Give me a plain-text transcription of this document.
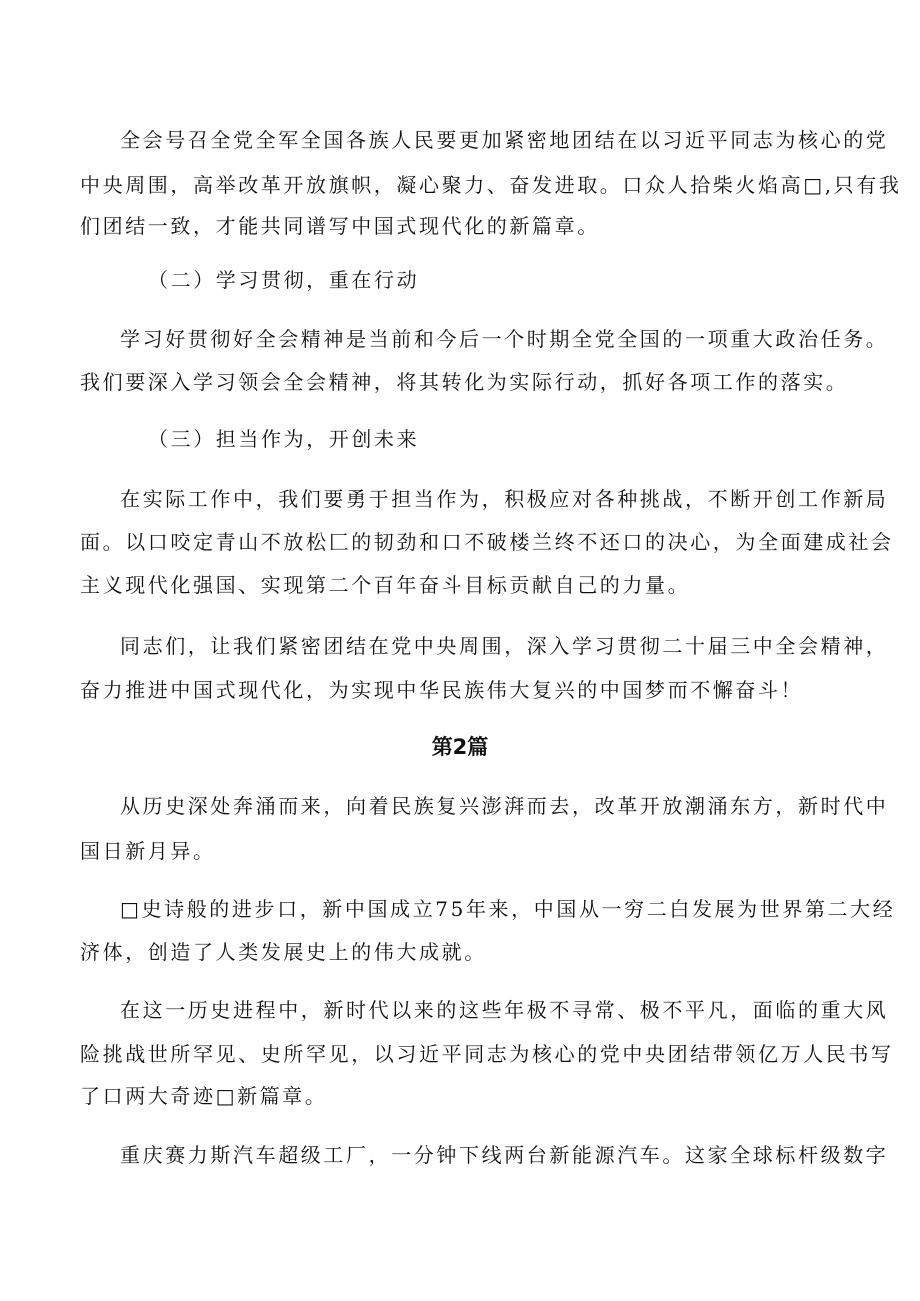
全会号召全党全军全国各族人民要更加紧密地团结在以习近平同志为核心的党

中央周围，高举改革开放旗帜，凝心聚力、奋发进取。口众人拾柴火焰高□,只有我

们团结一致，才能共同谱写中国式现代化的新篇章。

（二）学习贯彻，重在行动

学习好贯彻好全会精神是当前和今后一个时期全党全国的一项重大政治任务。

我们要深入学习领会全会精神，将其转化为实际行动，抓好各项工作的落实。

（三）担当作为，开创未来

在实际工作中，我们要勇于担当作为，积极应对各种挑战，不断开创工作新局

面。以口咬定青山不放松匚的韧劲和口不破楼兰终不还口的决心，为全面建成社会

主义现代化强国、实现第二个百年奋斗目标贡献自己的力量。

同志们，让我们紧密团结在党中央周围，深入学习贯彻二十届三中全会精神，

奋力推进中国式现代化，为实现中华民族伟大复兴的中国梦而不懈奋斗！

第2篇

从历史深处奔涌而来，向着民族复兴澎湃而去，改革开放潮涌东方，新时代中

国日新月异。

□史诗般的进步口，新中国成立75年来，中国从一穷二白发展为世界第二大经

济体，创造了人类发展史上的伟大成就。

在这一历史进程中，新时代以来的这些年极不寻常、极不平凡，面临的重大风

险挑战世所罕见、史所罕见，以习近平同志为核心的党中央团结带领亿万人民书写

了口两大奇迹□新篇章。

重庆赛力斯汽车超级工厂，一分钟下线两台新能源汽车。这家全球标杆级数字
